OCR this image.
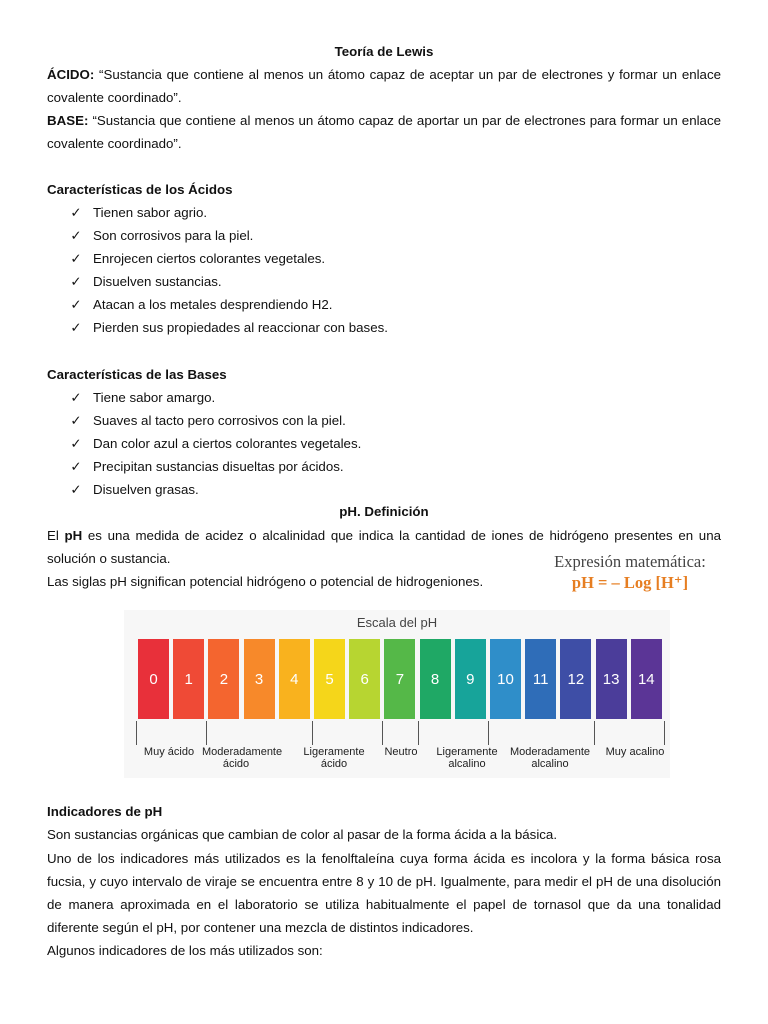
Teoría de Lewis
ÁCIDO: “Sustancia que contiene al menos un átomo capaz de aceptar un par de electrones y formar un enlace covalente coordinado”.
BASE: “Sustancia que contiene al menos un átomo capaz de aportar un par de electrones para formar un enlace covalente coordinado”.
Características de los Ácidos
✓ Tienen sabor agrio.
✓ Son corrosivos para la piel.
✓ Enrojecen ciertos colorantes vegetales.
✓ Disuelven sustancias.
✓ Atacan a los metales desprendiendo H2.
✓ Pierden sus propiedades al reaccionar con bases.
Características de las Bases
✓ Tiene sabor amargo.
✓ Suaves al tacto pero corrosivos con la piel.
✓ Dan color azul a ciertos colorantes vegetales.
✓ Precipitan sustancias disueltas por ácidos.
✓ Disuelven grasas.
pH. Definición
El pH es una medida de acidez o alcalinidad que indica la cantidad de iones de hidrógeno presentes en una solución o sustancia.
Las siglas pH significan potencial hidrógeno o potencial de hidrogeniones.
Expresión matemática:
pH = – Log [H⁺]
Escala del pH
0	1	2	3	4	5	6	7	8	9	10	11	12	13	14
Muy ácido Moderadamente ácido
Ligeramente ácido
Neutro	Ligeramente alcalino
Moderadamente alcalino
Muy acalino
Indicadores de pH
Son sustancias orgánicas que cambian de color al pasar de la forma ácida a la básica.
Uno de los indicadores más utilizados es la fenolftaleína cuya forma ácida es incolora y la forma básica rosa fucsia, y cuyo intervalo de viraje se encuentra entre 8 y 10 de pH. Igualmente, para medir el pH de una disolución de manera aproximada en el laboratorio se utiliza habitualmente el papel de tornasol que da una tonalidad diferente según el pH, por contener una mezcla de distintos indicadores.
Algunos indicadores de los más utilizados son:
